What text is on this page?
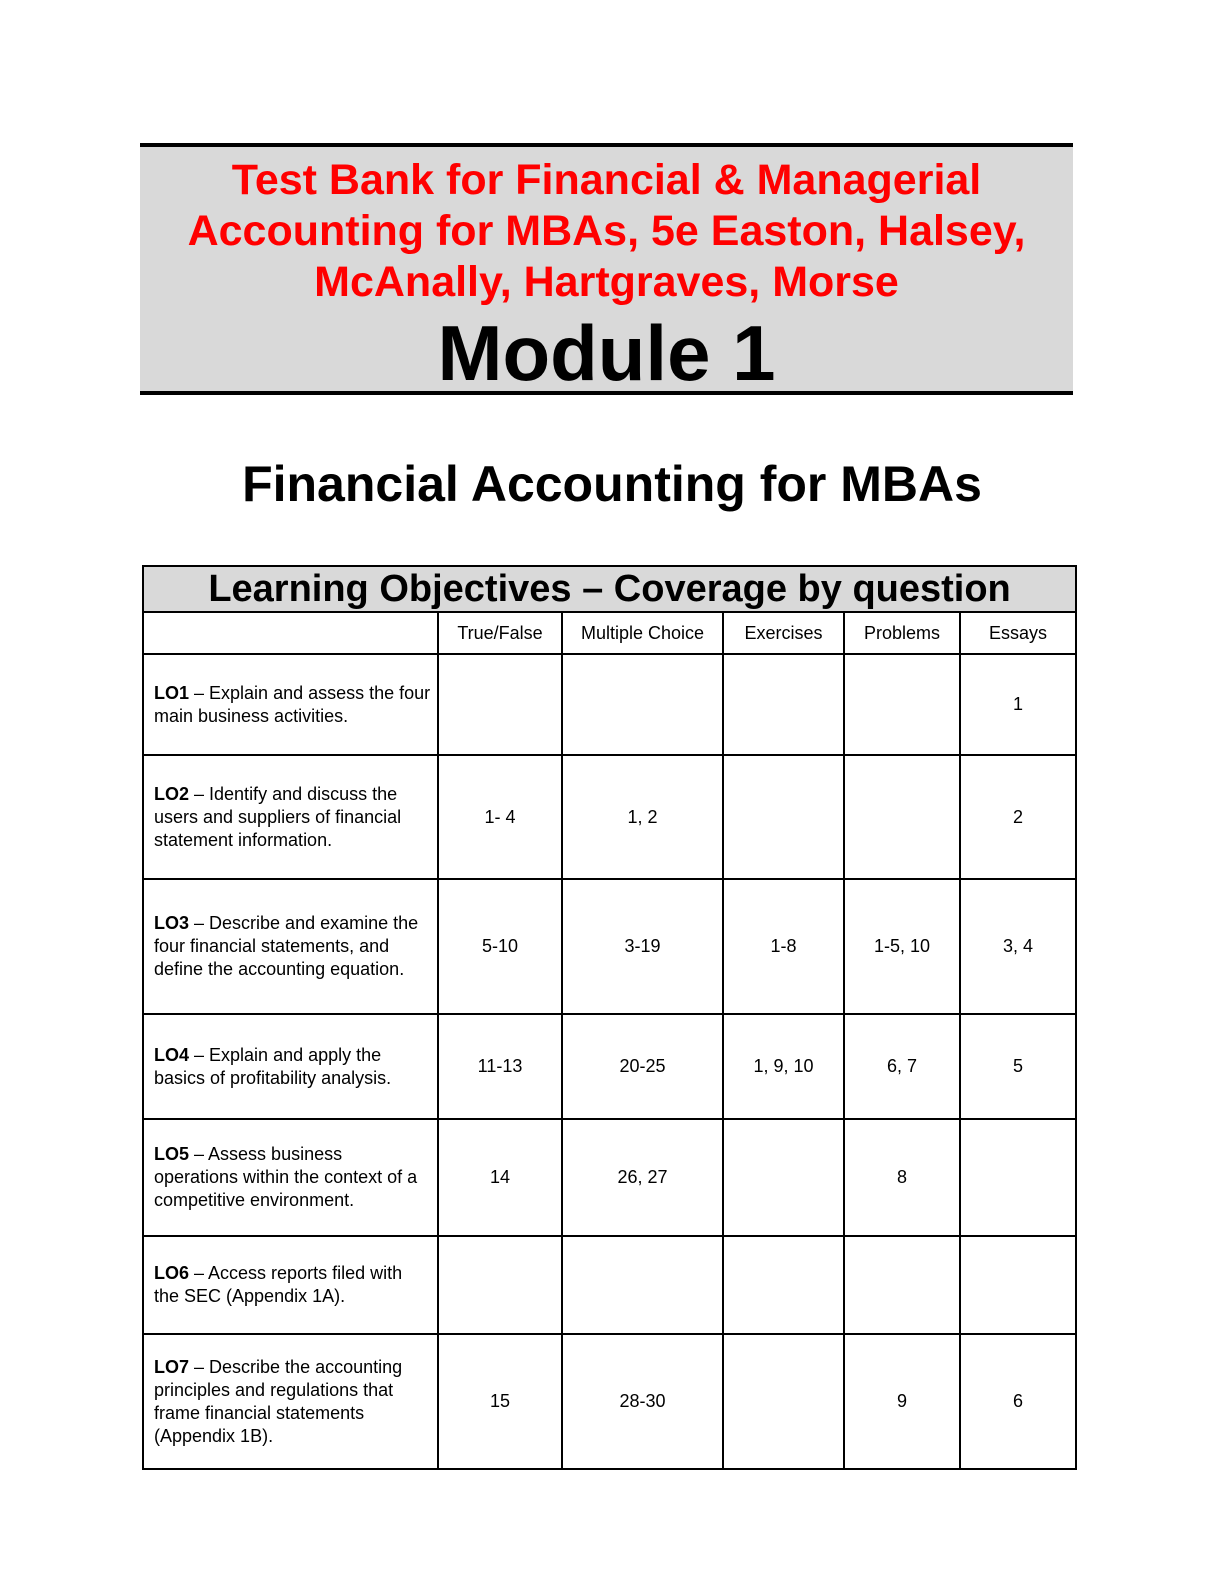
Test Bank for Financial & Managerial
Accounting for MBAs, 5e Easton, Halsey,
McAnally, Hartgraves, Morse
Module 1
Financial Accounting for MBAs
Learning Objectives – Coverage by question					
	True/False	Multiple Choice	Exercises	Problems	Essays
LO1 – Explain and assess the four main business activities.					1
LO2 – Identify and discuss the users and suppliers of financial statement information.	1- 4	1, 2			2
LO3 – Describe and examine the four financial statements, and define the accounting equation.	5-10	3-19	1-8	1-5, 10	3, 4
LO4 – Explain and apply the basics of profitability analysis.	11-13	20-25	1, 9, 10	6, 7	5
LO5 – Assess business operations within the context of a competitive environment.	14	26, 27		8	
LO6 – Access reports filed with the SEC (Appendix 1A).					
LO7 – Describe the accounting principles and regulations that frame financial statements (Appendix 1B).	15	28-30		9	6
